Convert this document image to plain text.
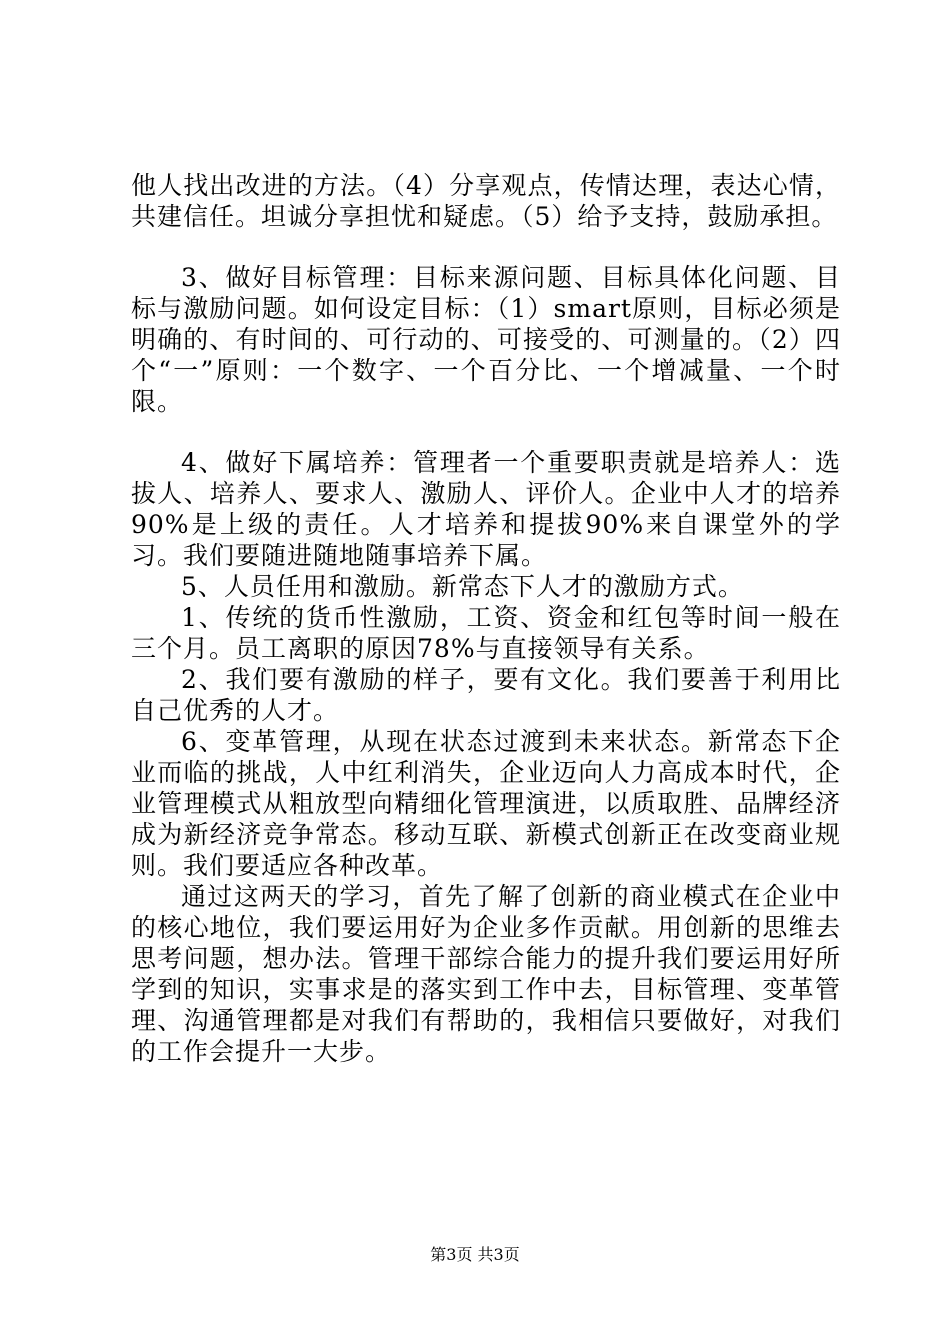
他人找出改进的方法。（4）分享观点，传情达理，表达心情，共建信任。坦诚分享担忧和疑虑。（5）给予支持，鼓励承担。

3、做好目标管理：目标来源问题、目标具体化问题、目标与激励问题。如何设定目标：（1）smart原则，目标必须是明确的、有时间的、可行动的、可接受的、可测量的。（2）四个“一”原则：一个数字、一个百分比、一个增减量、一个时限。

4、做好下属培养：管理者一个重要职责就是培养人：选拔人、培养人、要求人、激励人、评价人。企业中人才的培养90%是上级的责任。人才培养和提拔90%来自课堂外的学习。我们要随进随地随事培养下属。

5、人员任用和激励。新常态下人才的激励方式。

1、传统的货币性激励，工资、资金和红包等时间一般在三个月。员工离职的原因78%与直接领导有关系。

2、我们要有激励的样子，要有文化。我们要善于利用比自己优秀的人才。

6、变革管理，从现在状态过渡到未来状态。新常态下企业而临的挑战，人中红利消失，企业迈向人力高成本时代，企业管理模式从粗放型向精细化管理演进，以质取胜、品牌经济成为新经济竞争常态。移动互联、新模式创新正在改变商业规则。我们要适应各种改革。

通过这两天的学习，首先了解了创新的商业模式在企业中的核心地位，我们要运用好为企业多作贡献。用创新的思维去思考问题，想办法。管理干部综合能力的提升我们要运用好所学到的知识，实事求是的落实到工作中去，目标管理、变革管理、沟通管理都是对我们有帮助的，我相信只要做好，对我们的工作会提升一大步。

第3页 共3页
